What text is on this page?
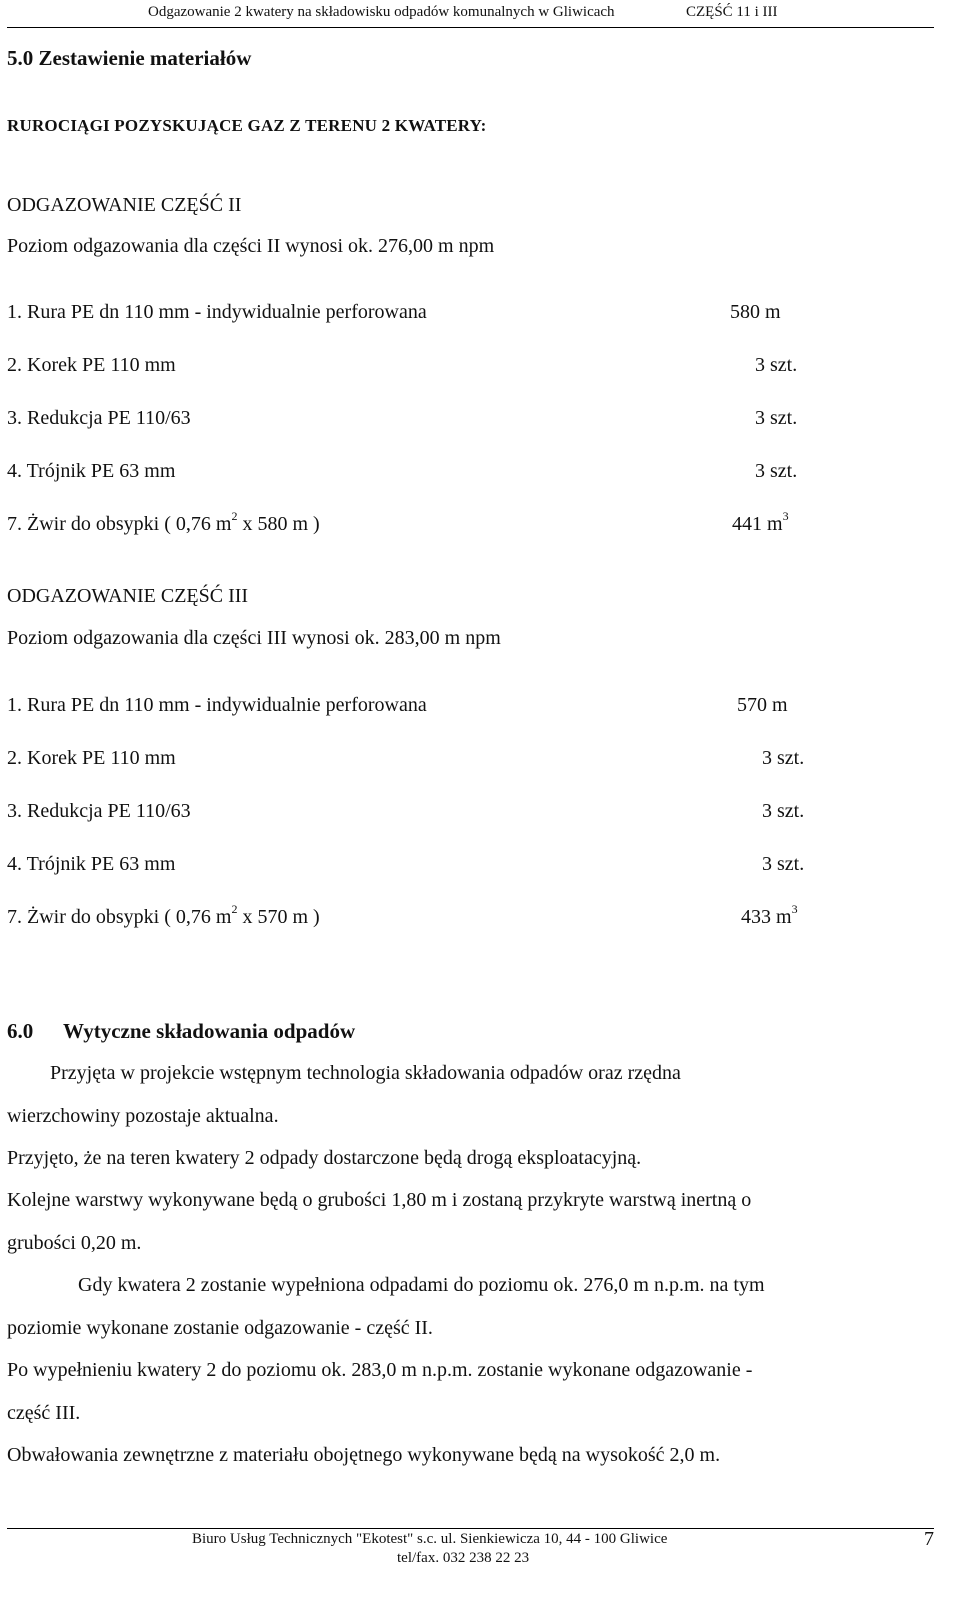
Odgazowanie 2 kwatery na składowisku odpadów komunalnych w Gliwicach	CZĘŚĆ 11 i III
5.0 Zestawienie materiałów
RUROCIĄGI POZYSKUJĄCE GAZ Z TERENU 2 KWATERY:
ODGAZOWANIE CZĘŚĆ II
Poziom odgazowania dla części II wynosi ok. 276,00 m npm
1. Rura PE dn 110 mm - indywidualnie perforowana	580 m
2. Korek PE 110 mm	3 szt.
3. Redukcja PE 110/63	3 szt.
4. Trójnik PE 63 mm	3 szt.
7. Żwir do obsypki ( 0,76 $m^2$ x 580 m )	441 $m^3$
ODGAZOWANIE CZĘŚĆ III
Poziom odgazowania dla części III wynosi ok. 283,00 m npm
1. Rura PE dn 110 mm - indywidualnie perforowana	570 m
2. Korek PE 110 mm	3 szt.
3. Redukcja PE 110/63	3 szt.
4. Trójnik PE 63 mm	3 szt.
7. Żwir do obsypki ( 0,76 $m^2$ x 570 m )	433 $m^3$
6.0 Wytyczne składowania odpadów
Przyjęta w projekcie wstępnym technologia składowania odpadów oraz rzędna
wierzchowiny pozostaje aktualna.
Przyjęto, że na teren kwatery 2 odpady dostarczone będą drogą eksploatacyjną.
Kolejne warstwy wykonywane będą o grubości 1,80 m i zostaną przykryte warstwą inertną o
grubości 0,20 m.
Gdy kwatera 2 zostanie wypełniona odpadami do poziomu ok. 276,0 m n.p.m. na tym
poziomie wykonane zostanie odgazowanie - część II.
Po wypełnieniu kwatery 2 do poziomu ok. 283,0 m n.p.m. zostanie wykonane odgazowanie -
część III.
Obwałowania zewnętrzne z materiału obojętnego wykonywane będą na wysokość 2,0 m.
Biuro Usług Technicznych "Ekotest" s.c. ul. Sienkiewicza 10, 44 - 100 Gliwice
tel/fax. 032 238 22 23
7
